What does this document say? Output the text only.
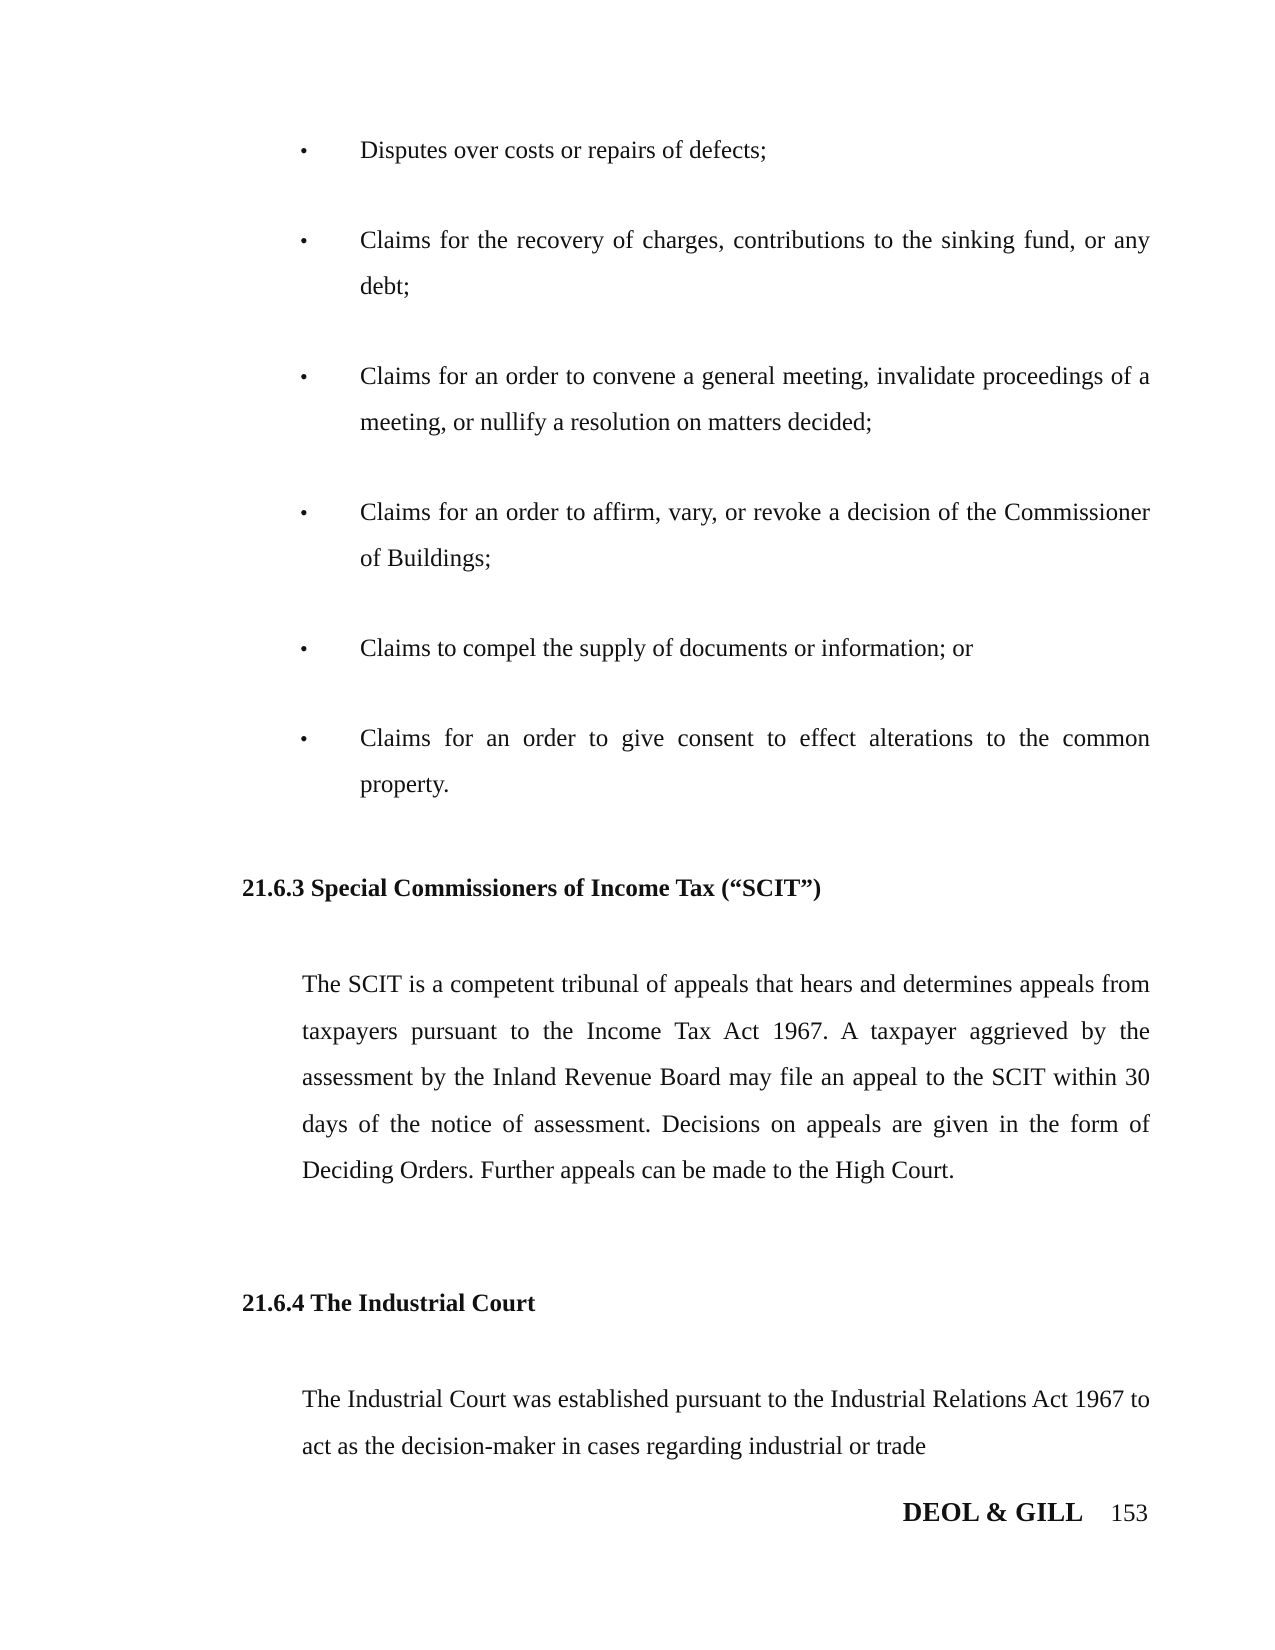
•	Disputes over costs or repairs of defects;
•	Claims for the recovery of charges, contributions to the sinking fund, or any debt;
•	Claims for an order to convene a general meeting, invalidate proceedings of a meeting, or nullify a resolution on matters decided;
•	Claims for an order to affirm, vary, or revoke a decision of the Commissioner of Buildings;
•	Claims to compel the supply of documents or information; or
•	Claims for an order to give consent to effect alterations to the common property.
21.6.3 Special Commissioners of Income Tax (“SCIT”)

The SCIT is a competent tribunal of appeals that hears and determines appeals from taxpayers pursuant to the Income Tax Act 1967. A taxpayer aggrieved by the assessment by the Inland Revenue Board may file an appeal to the SCIT within 30 days of the notice of assessment. Decisions on appeals are given in the form of Deciding Orders. Further appeals can be made to the High Court.

21.6.4 The Industrial Court

The Industrial Court was established pursuant to the Industrial Relations Act 1967 to act as the decision-maker in cases regarding industrial or trade

DEOL & GILL 153
